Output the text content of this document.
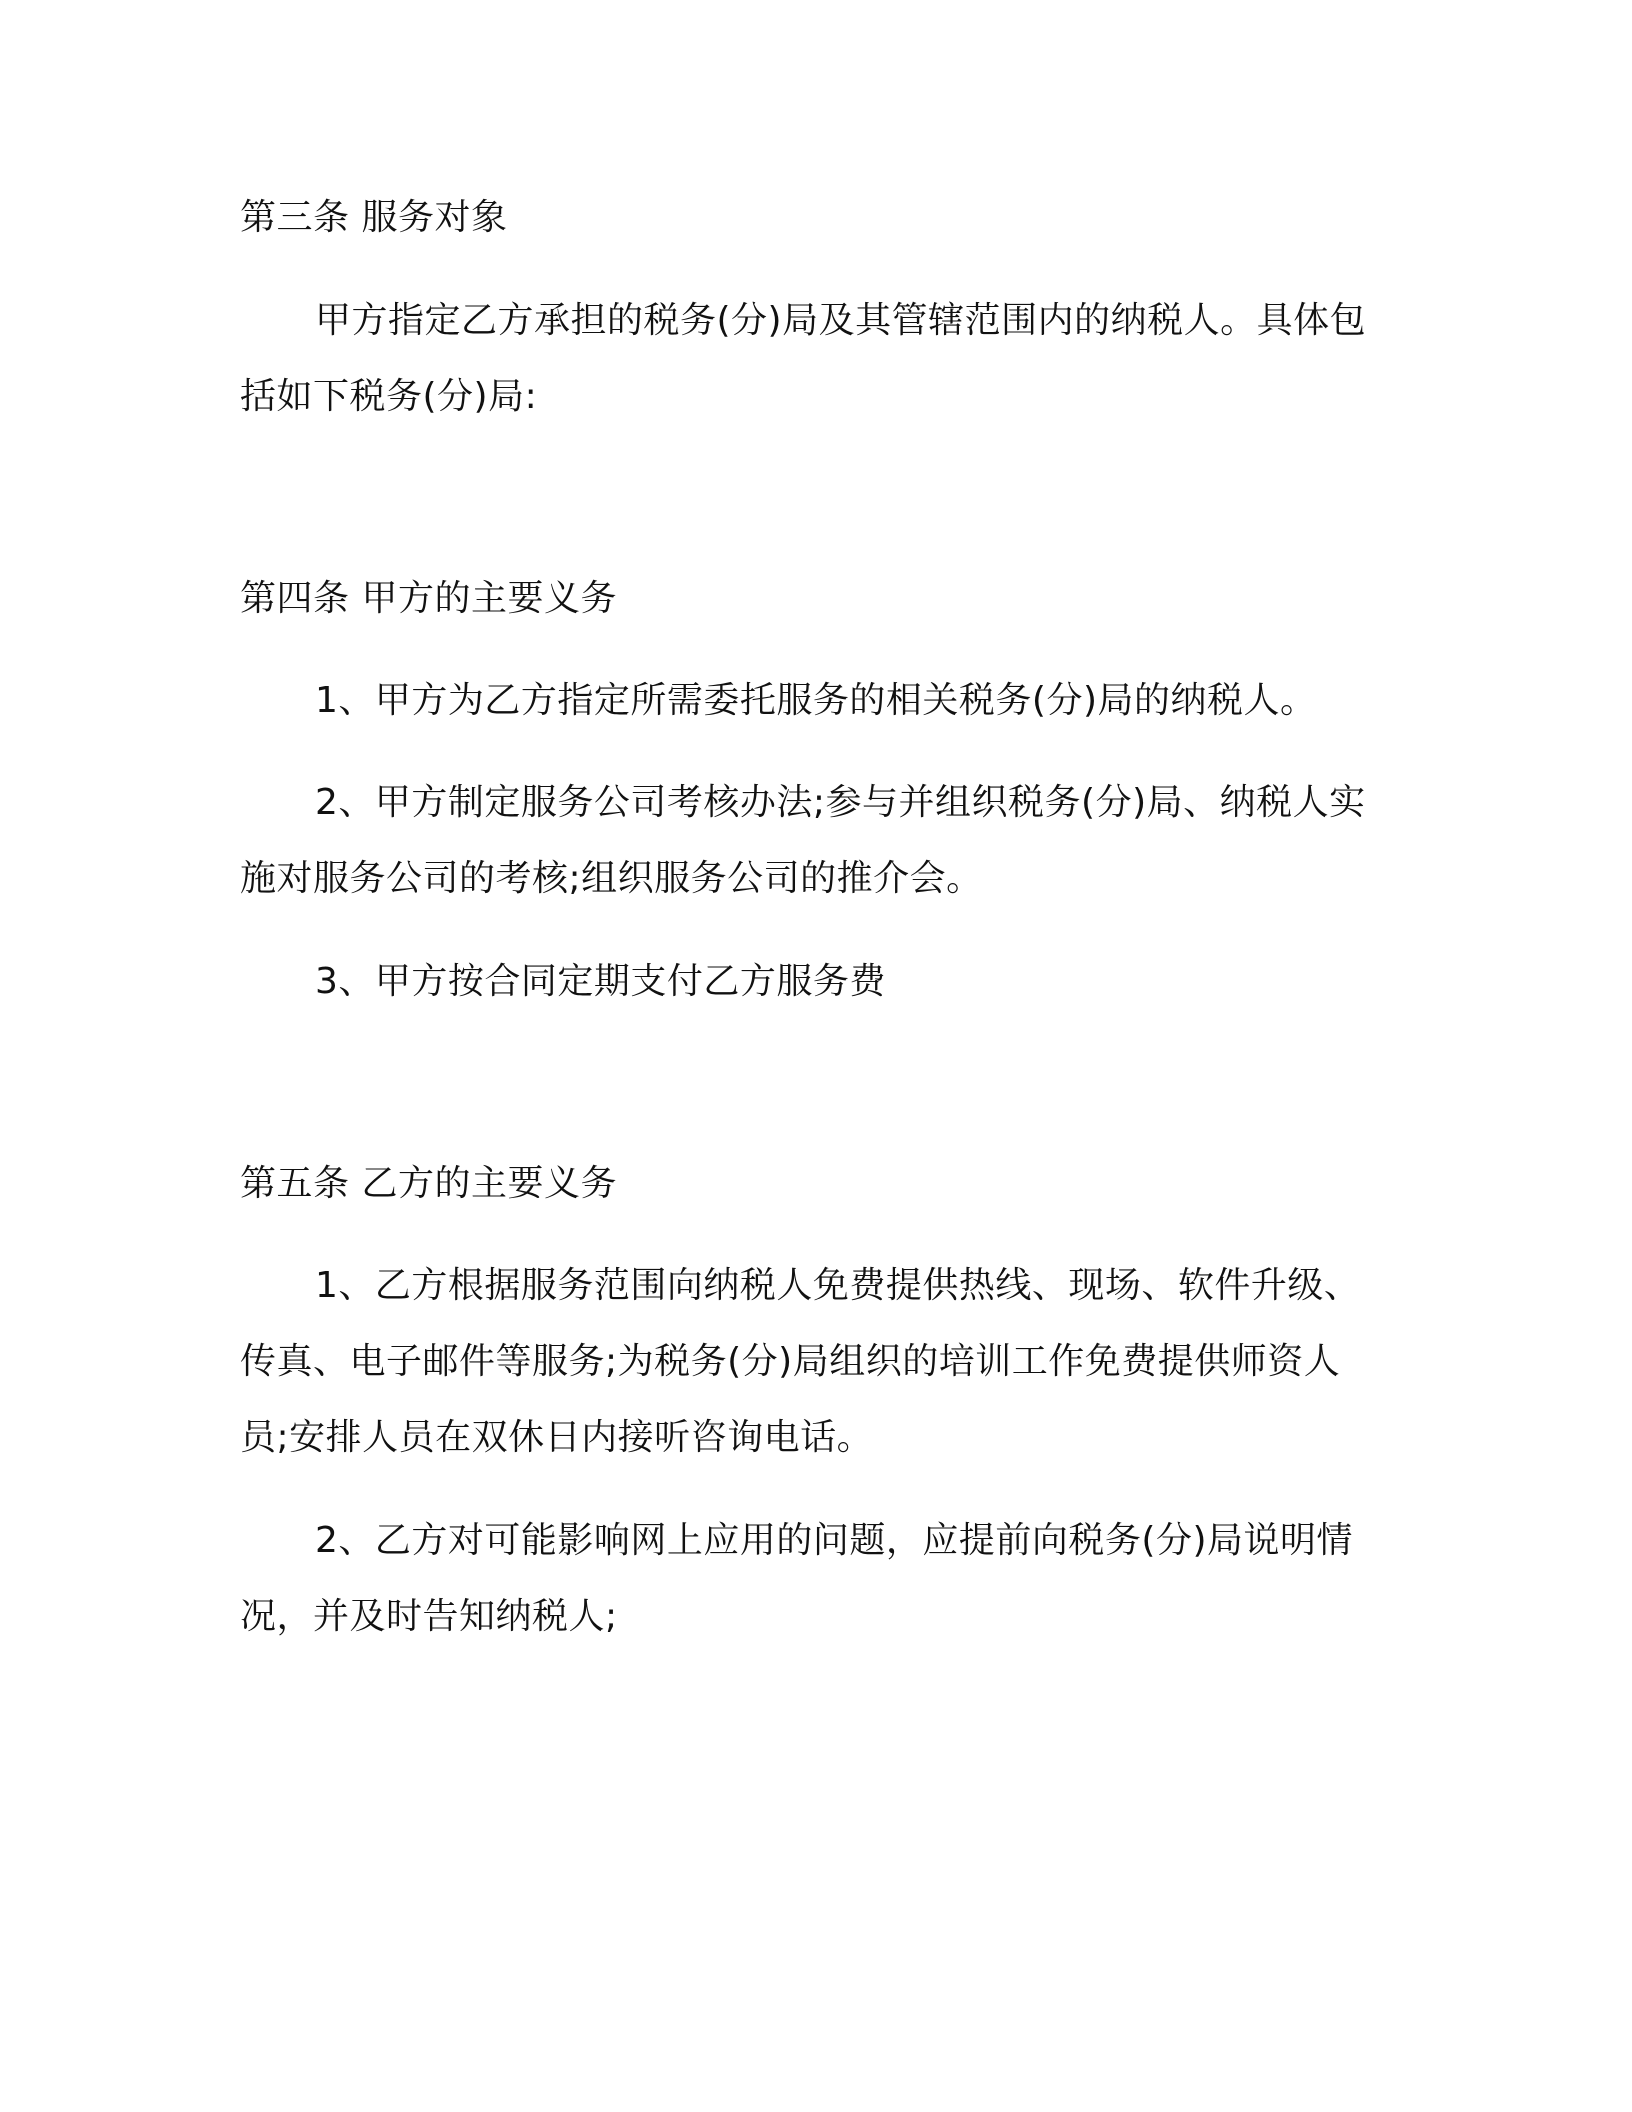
第三条 服务对象
甲方指定乙方承担的税务(分)局及其管辖范围内的纳税人。具体包
括如下税务(分)局:
第四条 甲方的主要义务
1、甲方为乙方指定所需委托服务的相关税务(分)局的纳税人。
2、甲方制定服务公司考核办法;参与并组织税务(分)局、纳税人实
施对服务公司的考核;组织服务公司的推介会。
3、甲方按合同定期支付乙方服务费
第五条 乙方的主要义务
1、乙方根据服务范围向纳税人免费提供热线、现场、软件升级、
传真、电子邮件等服务;为税务(分)局组织的培训工作免费提供师资人
员;安排人员在双休日内接听咨询电话。
2、乙方对可能影响网上应用的问题，应提前向税务(分)局说明情
况，并及时告知纳税人;
